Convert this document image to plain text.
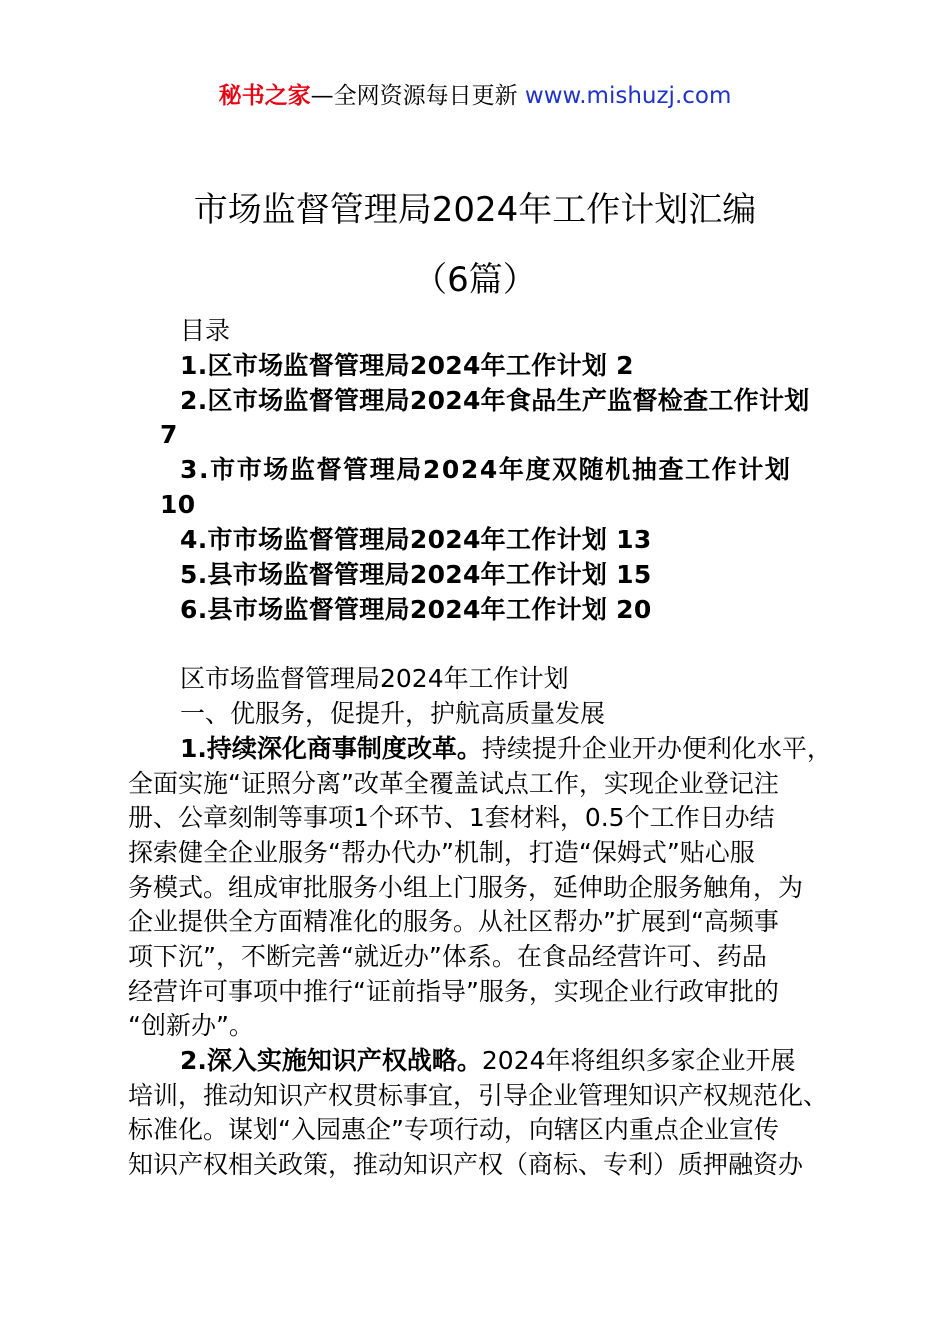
秘书之家—全网资源每日更新 www.mishuzj.com
市场监督管理局2024年工作计划汇编
（6篇）
目录
1.区市场监督管理局2024年工作计划 2
2.区市场监督管理局2024年食品生产监督检查工作计划
7
3.市市场监督管理局2024年度双随机抽查工作计划
10
4.市市场监督管理局2024年工作计划 13
5.县市场监督管理局2024年工作计划 15
6.县市场监督管理局2024年工作计划 20
区市场监督管理局2024年工作计划
一、优服务，促提升，护航高质量发展
1.持续深化商事制度改革。持续提升企业开办便利化水平，
全面实施“证照分离”改革全覆盖试点工作，实现企业登记注
册、公章刻制等事项1个环节、1套材料，0.5个工作日办结
探索健全企业服务“帮办代办”机制，打造“保姆式”贴心服
务模式。组成审批服务小组上门服务，延伸助企服务触角，为
企业提供全方面精准化的服务。从社区帮办”扩展到“高频事
项下沉”，不断完善“就近办”体系。在食品经营许可、药品
经营许可事项中推行“证前指导”服务，实现企业行政审批的
“创新办”。
2.深入实施知识产权战略。2024年将组织多家企业开展
培训，推动知识产权贯标事宜，引导企业管理知识产权规范化、
标准化。谋划“入园惠企”专项行动，向辖区内重点企业宣传
知识产权相关政策，推动知识产权（商标、专利）质押融资办
